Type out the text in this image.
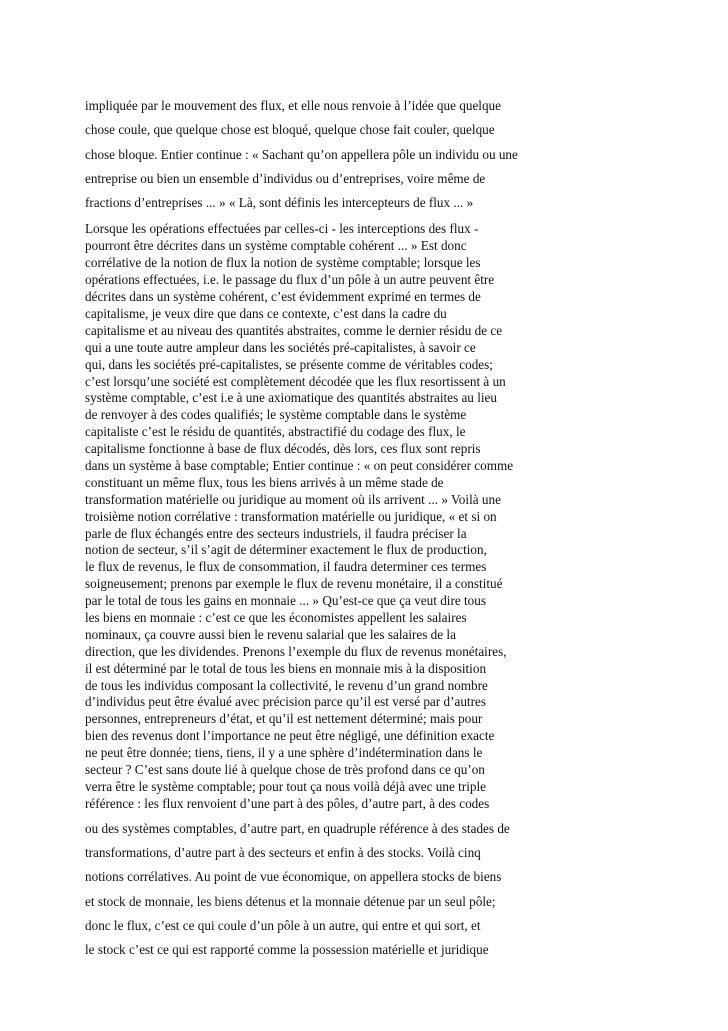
impliquée par le mouvement des flux, et elle nous renvoie à l’idée que quelque
chose coule, que quelque chose est bloqué, quelque chose fait couler, quelque
chose bloque. Entier continue : « Sachant qu’on appellera pôle un individu ou une
entreprise ou bien un ensemble d’individus ou d’entreprises, voire même de
fractions d’entreprises ... » « Là, sont définis les intercepteurs de flux ... »
Lorsque les opérations effectuées par celles-ci - les interceptions des flux -
pourront être décrites dans un système comptable cohérent ... » Est donc
corrélative de la notion de flux la notion de système comptable; lorsque les
opérations effectuées, i.e. le passage du flux d’un pôle à un autre peuvent être
décrites dans un système cohérent, c’est évidemment exprimé en termes de
capitalisme, je veux dire que dans ce contexte, c’est dans la cadre du
capitalisme et au niveau des quantités abstraites, comme le dernier résidu de ce
qui a une toute autre ampleur dans les sociétés pré-capitalistes, à savoir ce
qui, dans les sociétés pré-capitalistes, se présente comme de véritables codes;
c’est lorsqu’une société est complètement décodée que les flux resortissent à un
système comptable, c’est i.e à une axiomatique des quantités abstraites au lieu
de renvoyer à des codes qualifiés; le système comptable dans le système
capitaliste c’est le résidu de quantités, abstractifié du codage des flux, le
capitalisme fonctionne à base de flux décodés, dès lors, ces flux sont repris
dans un système à base comptable; Entier continue : « on peut considérer comme
constituant un même flux, tous les biens arrivés à un même stade de
transformation matérielle ou juridique au moment où ils arrivent ... » Voilà une
troisième notion corrélative : transformation matérielle ou juridique, « et si on
parle de flux échangés entre des secteurs industriels, il faudra préciser la
notion de secteur, s’il s’agit de déterminer exactement le flux de production,
le flux de revenus, le flux de consommation, il faudra determiner ces termes
soigneusement; prenons par exemple le flux de revenu monétaire, il a constitué
par le total de tous les gains en monnaie ... » Qu’est-ce que ça veut dire tous
les biens en monnaie : c’est ce que les économistes appellent les salaires
nominaux, ça couvre aussi bien le revenu salarial que les salaires de la
direction, que les dividendes. Prenons l’exemple du flux de revenus monétaires,
il est déterminé par le total de tous les biens en monnaie mis à la disposition
de tous les individus composant la collectivité, le revenu d’un grand nombre
d’individus peut être évalué avec précision parce qu’il est versé par d’autres
personnes, entrepreneurs d’état, et qu’il est nettement déterminé; mais pour
bien des revenus dont l’importance ne peut être négligé, une définition exacte
ne peut être donnée; tiens, tiens, il y a une sphère d’indétermination dans le
secteur ? C’est sans doute lié à quelque chose de très profond dans ce qu’on
verra être le système comptable; pour tout ça nous voilà déjà avec une triple
référence : les flux renvoient d’une part à des pôles, d’autre part, à des codes
ou des systèmes comptables, d’autre part, en quadruple référence à des stades de
transformations, d’autre part à des secteurs et enfin à des stocks. Voilà cinq
notions corrélatives. Au point de vue économique, on appellera stocks de biens
et stock de monnaie, les biens détenus et la monnaie détenue par un seul pôle;
donc le flux, c’est ce qui coule d’un pôle à un autre, qui entre et qui sort, et
le stock c’est ce qui est rapporté comme la possession matérielle et juridique
